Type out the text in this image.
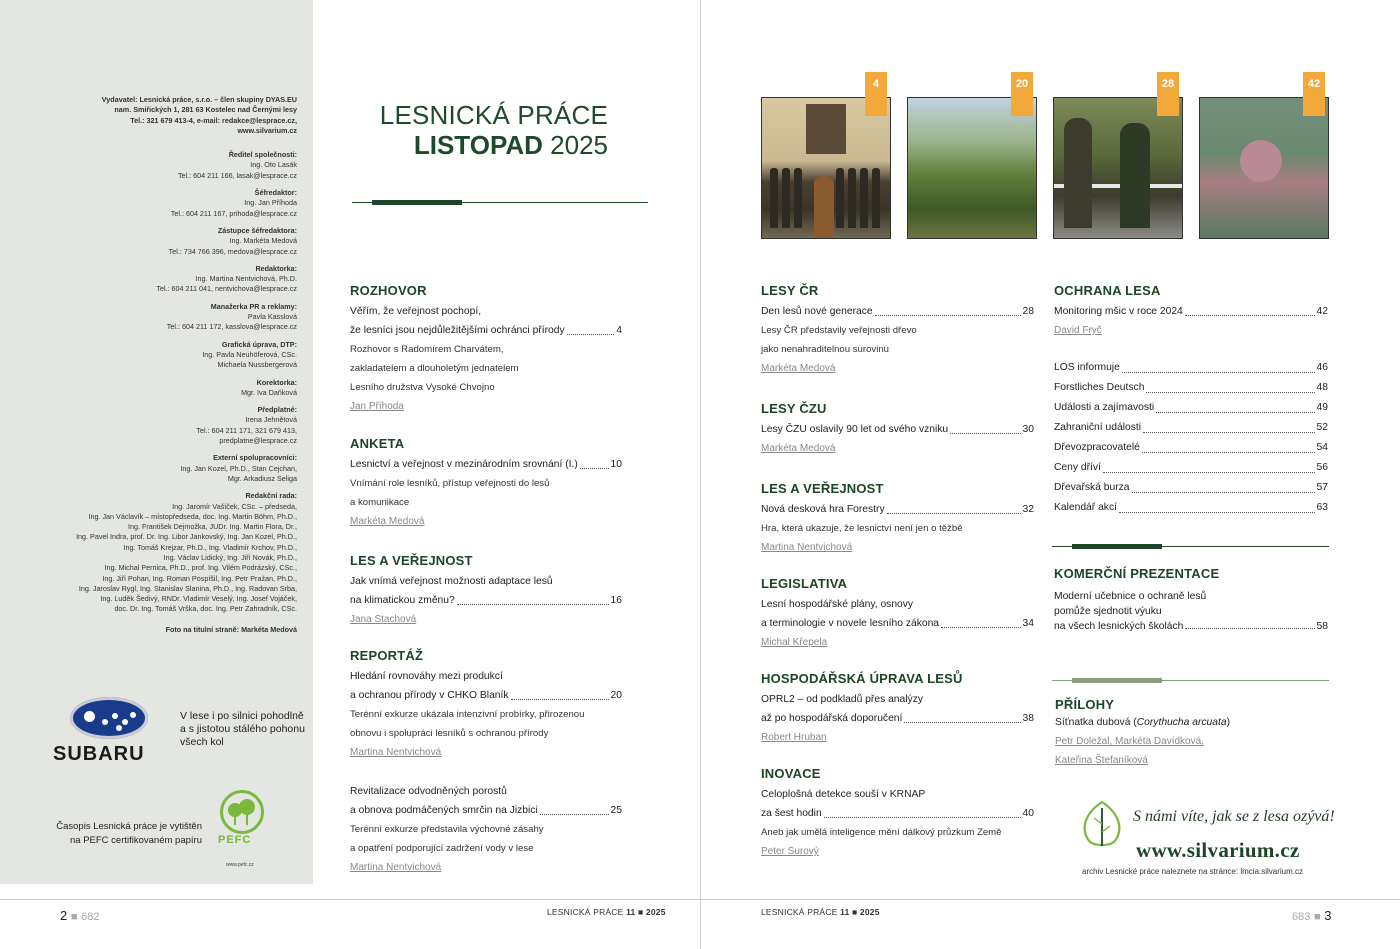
Vydavatel: Lesnická práce, s.r.o. – člen skupiny DYAS.EU
nam. Smiřických 1, 281 63 Kostelec nad Černými lesy
Tel.: 321 679 413-4, e-mail: redakce@lesprace.cz,
www.silvarium.cz
Ředitel společnosti:
Ing. Oto Lasák
Tel.: 604 211 166, lasak@lesprace.cz
Šéfredaktor:
Ing. Jan Příhoda
Tel.: 604 211 167, prihoda@lesprace.cz
Zástupce šéfredaktora:
Ing. Markéta Medová
Tel.: 734 766 396, medova@lesprace.cz
Redaktorka:
Ing. Martina Nentvichová, Ph.D.
Tel.: 604 211 041, nentvichova@lesprace.cz
Manažerka PR a reklamy:
Pavla Kasslová
Tel.: 604 211 172, kasslova@lesprace.cz
Grafická úprava, DTP:
Ing. Pavla Neuhöferová, CSc.
Michaela Nussbergerová
Korektorka:
Mgr. Iva Daňková
Předplatné:
Irena Jehnětová
Tel.: 604 211 171, 321 679 413,
predplatne@lesprace.cz
Externí spolupracovníci:
Ing. Jan Kozel, Ph.D., Stan Cejchan,
Mgr. Arkadiusz Seliga
Redakční rada:
Ing. Jaromír Vašíček, CSc. – předseda,
Ing. Jan Václavík – místopředseda, doc. Ing. Martin Böhm, Ph.D.,
Ing. František Dejmožka, JUDr. Ing. Martin Flora, Dr.,
Ing. Pavel Indra, prof. Dr. Ing. Libor Jankovský, Ing. Jan Kozel, Ph.D.,
Ing. Tomáš Krejzar, Ph.D., Ing. Vladimír Krchov, Ph.D.,
Ing. Václav Lidický, Ing. Jiří Novák, Ph.D.,
Ing. Michal Pernica, Ph.D., prof. Ing. Vilém Podrázský, CSc.,
Ing. Jiří Pohan, Ing. Roman Pospíšil, Ing. Petr Pražan, Ph.D.,
Ing. Jaroslav Rygl, Ing. Stanislav Slanina, Ph.D., Ing. Radovan Srba,
Ing. Luděk Šedivý, RNDr. Vladimír Veselý, Ing. Josef Vojáček,
doc. Dr. Ing. Tomáš Vrška, doc. Ing. Petr Zahradník, CSc.
Foto na titulní straně: Markéta Medová
SUBARU
V lese i po silnici pohodlně a s jistotou stálého pohonu všech kol
Časopis Lesnická práce je vytištěn na PEFC certifikovaném papíru PEFC
www.pefc.cz
LESNICKÁ PRÁCE
LISTOPAD 2025
ROZHOVOR
Věřím, že veřejnost pochopí,
že lesníci jsou nejdůležitějšími ochránci přírody	4
Rozhovor s Radomírem Charvátem,
zakladatelem a dlouholetým jednatelem
Lesního družstva Vysoké Chvojno
Jan Příhoda
ANKETA
Lesnictví a veřejnost v mezinárodním srovnání (I.)	10
Vnímání role lesníků, přístup veřejnosti do lesů
a komunikace
Markéta Medová
LES A VEŘEJNOST
Jak vnímá veřejnost možnosti adaptace lesů
na klimatickou změnu?	16
Jana Stachová
REPORTÁŽ
Hledání rovnováhy mezi produkcí
a ochranou přírody v CHKO Blaník	20
Terénní exkurze ukázala intenzivní probírky, přirozenou
obnovu i spolupráci lesníků s ochranou přírody
Martina Nentvichová
Revitalizace odvodněných porostů
a obnova podmáčených smrčin na Jizbici	25
Terénní exkurze představila výchovné zásahy
a opatření podporující zadržení vody v lese
Martina Nentvichová
2 ■ 682	LESNICKÁ PRÁCE 11 ■ 2025
4	20	28	42
LESY ČR
Den lesů nové generace	28
Lesy ČR představily veřejnosti dřevo
jako nenahraditelnou surovinu
Markéta Medová
LESY ČZU
Lesy ČZU oslavily 90 let od svého vzniku	30
Markéta Medová
LES A VEŘEJNOST
Nová desková hra Forestry	32
Hra, která ukazuje, že lesnictví není jen o těžbě
Martina Nentvichová
LEGISLATIVA
Lesní hospodářské plány, osnovy
a terminologie v novele lesního zákona	34
Michal Křepela
HOSPODÁŘSKÁ ÚPRAVA LESŮ
OPRL2 – od podkladů přes analýzy
až po hospodářská doporučení	38
Robert Hruban
INOVACE
Celoplošná detekce souší v KRNAP
za šest hodin	40
Aneb jak umělá inteligence mění dálkový průzkum Země
Peter Surový
OCHRANA LESA
Monitoring mšic v roce 2024	42
David Fryč
LOS informuje	46
Forstliches Deutsch	48
Události a zajímavosti	49
Zahraniční události	52
Dřevozpracovatelé	54
Ceny dříví	56
Dřevařská burza	57
Kalendář akcí	63
KOMERČNÍ PREZENTACE
Moderní učebnice o ochraně lesů
pomůže sjednotit výuku
na všech lesnických školách	58
PŘÍLOHY
Síťnatka dubová (Corythucha arcuata)
Petr Doležal, Markéta Davídková,
Kateřina Štefaníková
S námi víte, jak se z lesa ozývá!
www.silvarium.cz
archiv Lesnické práce naleznete na stránce: lmcia.silvarium.cz
LESNICKÁ PRÁCE 11 ■ 2025	683 ■ 3
